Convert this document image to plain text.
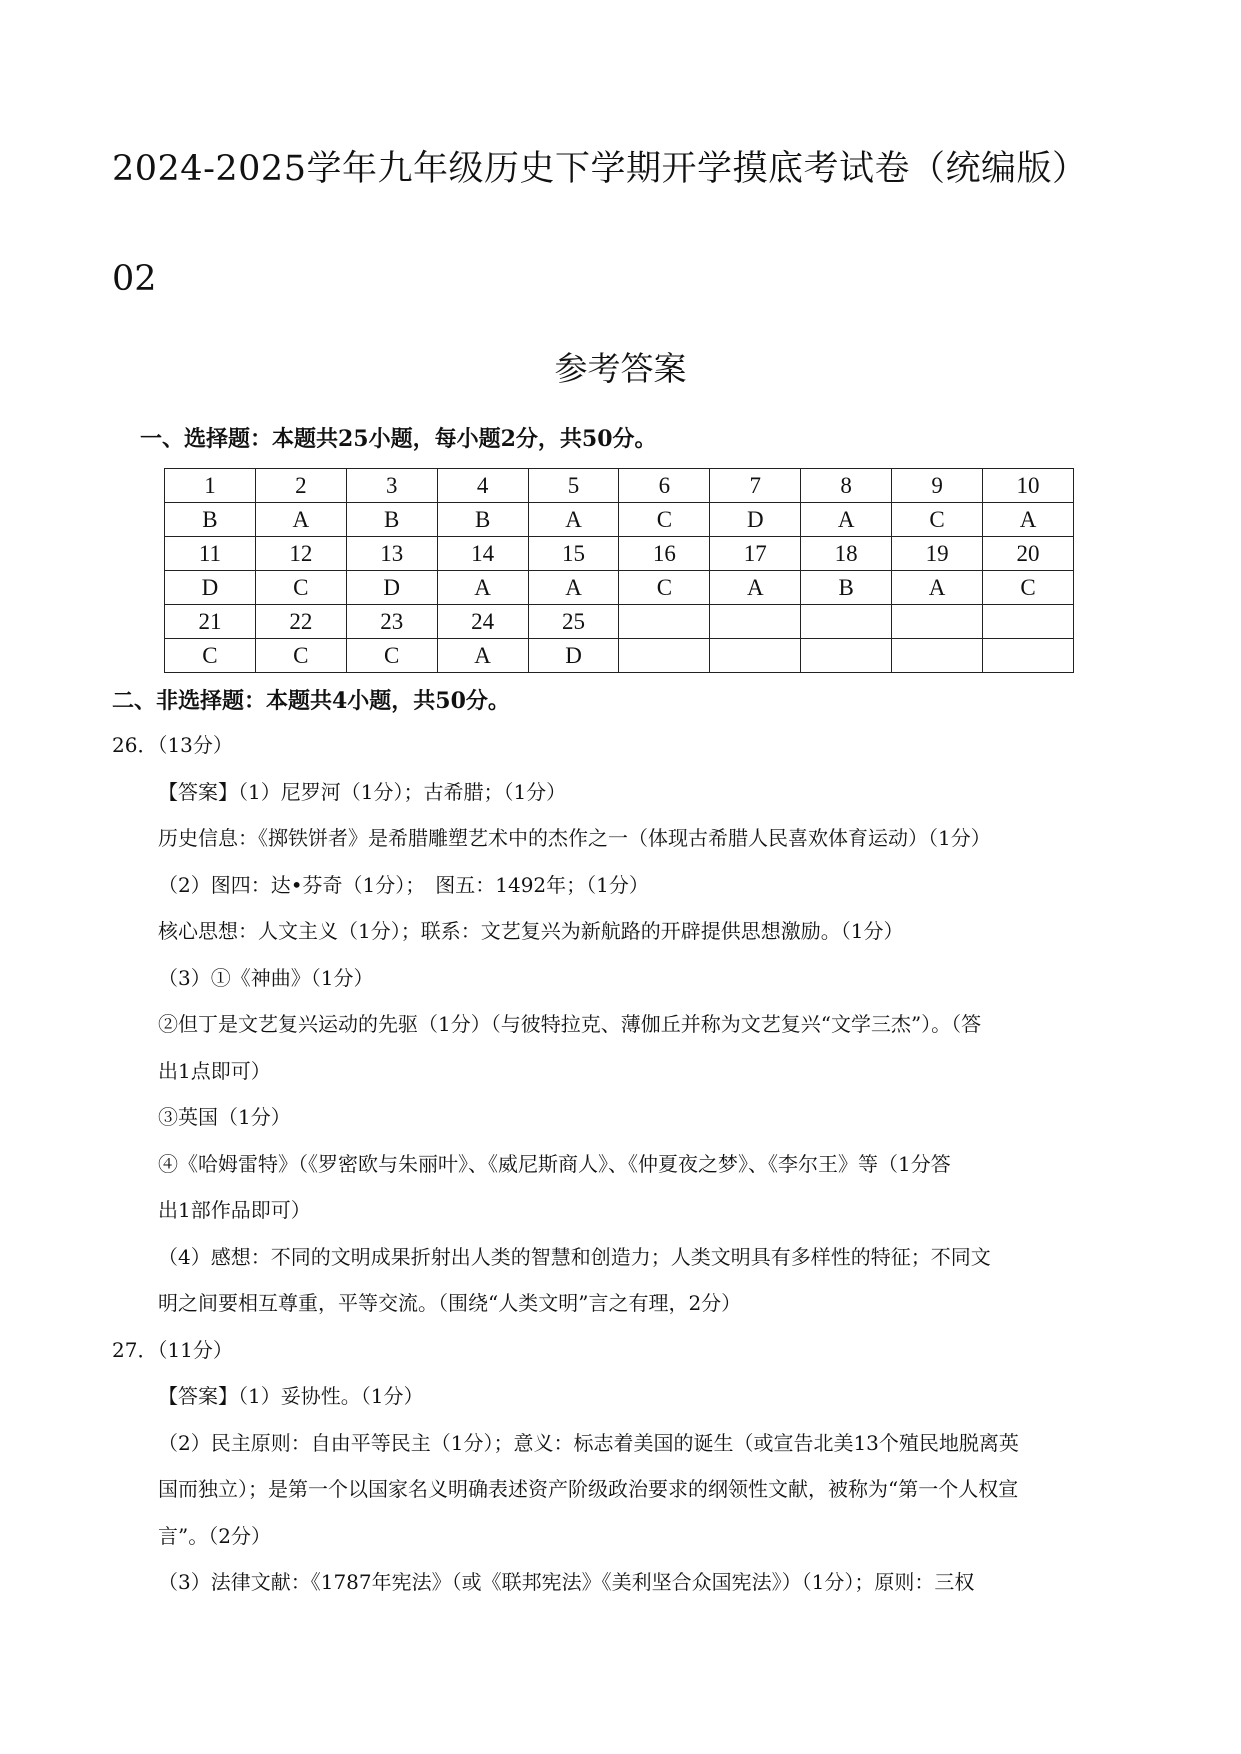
2024-2025学年九年级历史下学期开学摸底考试卷（统编版）
02
参考答案
一、选择题：本题共25小题，每小题2分，共50分。
1	2	3	4	5	6	7	8	9	10
B	A	B	B	A	C	D	A	C	A
11	12	13	14	15	16	17	18	19	20
D	C	D	A	A	C	A	B	A	C
21	22	23	24	25					
C	C	C	A	D					
二、非选择题：本题共4小题，共50分。
26．（13分）
【答案】（1）尼罗河（1分）；古希腊；（1分）
历史信息：《掷铁饼者》是希腊雕塑艺术中的杰作之一（体现古希腊人民喜欢体育运动）（1分）
（2）图四：达•芬奇（1分）；　图五：1492年；（1分）
核心思想：人文主义（1分）；联系：文艺复兴为新航路的开辟提供思想激励。（1分）
（3）①《神曲》（1分）
②但丁是文艺复兴运动的先驱（1分）（与彼特拉克、薄伽丘并称为文艺复兴“文学三杰”）。（答
出1点即可）
③英国（1分）
④《哈姆雷特》（《罗密欧与朱丽叶》、《威尼斯商人》、《仲夏夜之梦》、《李尔王》等（1分答
出1部作品即可）
（4）感想：不同的文明成果折射出人类的智慧和创造力；人类文明具有多样性的特征；不同文
明之间要相互尊重，平等交流。（围绕“人类文明”言之有理，2分）
27．（11分）
【答案】（1）妥协性。（1分）
（2）民主原则：自由平等民主（1分）；意义：标志着美国的诞生（或宣告北美13个殖民地脱离英
国而独立）；是第一个以国家名义明确表述资产阶级政治要求的纲领性文献，被称为“第一个人权宣
言”。（2分）
（3）法律文献：《1787年宪法》（或《联邦宪法》《美利坚合众国宪法》）（1分）；原则：三权
